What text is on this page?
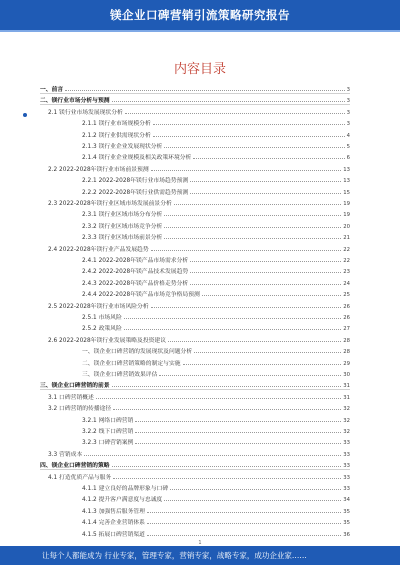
镁企业口碑营销引流策略研究报告
内容目录
一、前言	3
二、镁行业市场分析与预测	3
2.1 镁行业市场发展现状分析	3
2.1.1 镁行业市场规模分析	3
2.1.2 镁行业供需现状分析	4
2.1.3 镁行业企业发展现状分析	5
2.1.4 镁行业企业规模及相关政策环境分析	6
2.2 2022-2028年镁行业市场前景预测	13
2.2.1 2022-2028年镁行业市场趋势预测	13
2.2.2 2022-2028年镁行业供需趋势预测	15
2.3 2022-2028年镁行业区域市场发展前景分析	19
2.3.1 镁行业区域市场分布分析	19
2.3.2 镁行业区域市场竞争分析	20
2.3.3 镁行业区域市场前景分析	21
2.4 2022-2028年镁行业产品发展趋势	22
2.4.1 2022-2028年镁产品市场需求分析	22
2.4.2 2022-2028年镁产品技术发展趋势	23
2.4.3 2022-2028年镁产品价格走势分析	24
2.4.4 2022-2028年镁产品市场竞争格局预测	25
2.5 2022-2028年镁行业市场风险分析	26
2.5.1 市场风险	26
2.5.2 政策风险	27
2.6 2022-2028年镁行业发展策略及投资建议	28
一、镁企业口碑营销的发展现状及问题分析	28
二、镁企业口碑营销策略的制定与实施	29
三、镁企业口碑营销效果评估	30
三、镁企业口碑营销的前景	31
3.1 口碑营销概述	31
3.2 口碑营销的传播途径	32
3.2.1 网络口碑营销	32
3.2.2 线下口碑营销	32
3.2.3 口碑营销案例	33
3.3 营销成本	33
四、镁企业口碑营销的策略	33
4.1 打造优质产品与服务	33
4.1.1 建立良好的品牌形象与口碑	33
4.1.2 提升客户满意度与忠诚度	34
4.1.3 加强售后服务管理	35
4.1.4 完善企业营销体系	35
4.1.5 拓展口碑营销渠道	36
1
让每个人都能成为 行业专家，管理专家，营销专家，战略专家，成功企业家……
